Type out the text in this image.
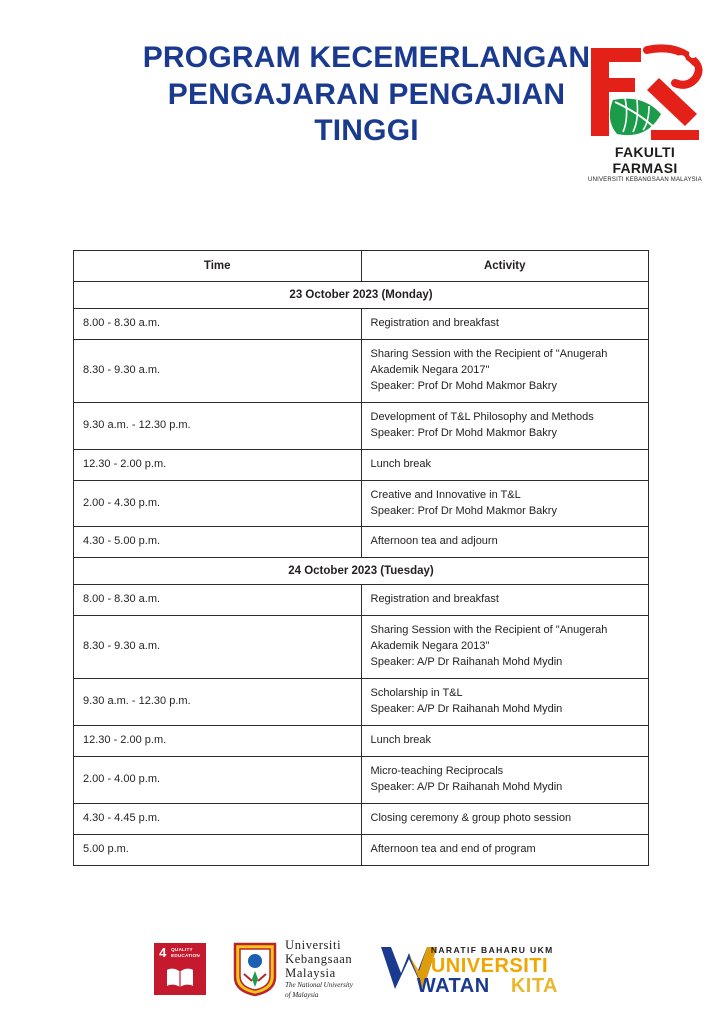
PROGRAM KECEMERLANGAN
PENGAJARAN PENGAJIAN
TINGGI
FAKULTI FARMASI
UNIVERSITI KEBANGSAAN MALAYSIA
Time	Activity
23 October 2023 (Monday)	
8.00 - 8.30 a.m.	Registration and breakfast

8.30 - 9.30 a.m.	Sharing Session with the Recipient of "Anugerah
Akademik Negara 2017"
Speaker: Prof Dr Mohd Makmor Bakry

9.30 a.m. - 12.30 p.m.	Development of T&L Philosophy and Methods
Speaker: Prof Dr Mohd Makmor Bakry

12.30 - 2.00 p.m.	Lunch break

2.00 - 4.30 p.m.	Creative and Innovative in T&L
Speaker: Prof Dr Mohd Makmor Bakry

4.30 - 5.00 p.m.	Afternoon tea and adjourn

24 October 2023 (Tuesday)	
8.00 - 8.30 a.m.	Registration and breakfast

8.30 - 9.30 a.m.	Sharing Session with the Recipient of "Anugerah
Akademik Negara 2013"
Speaker: A/P Dr Raihanah Mohd Mydin

9.30 a.m. - 12.30 p.m.	Scholarship in T&L
Speaker: A/P Dr Raihanah Mohd Mydin

12.30 - 2.00 p.m.	Lunch break

2.00 - 4.00 p.m.	Micro-teaching Reciprocals
Speaker: A/P Dr Raihanah Mohd Mydin

4.30 - 4.45 p.m.	Closing ceremony & group photo session

5.00 p.m.	Afternoon tea and end of program
4 QUALITY
EDUCATION
Universiti
Kebangsaan
Malaysia
The National University
of Malaysia
NARATIF BAHARU UKM
UNIVERSITI
WATAN KITA
